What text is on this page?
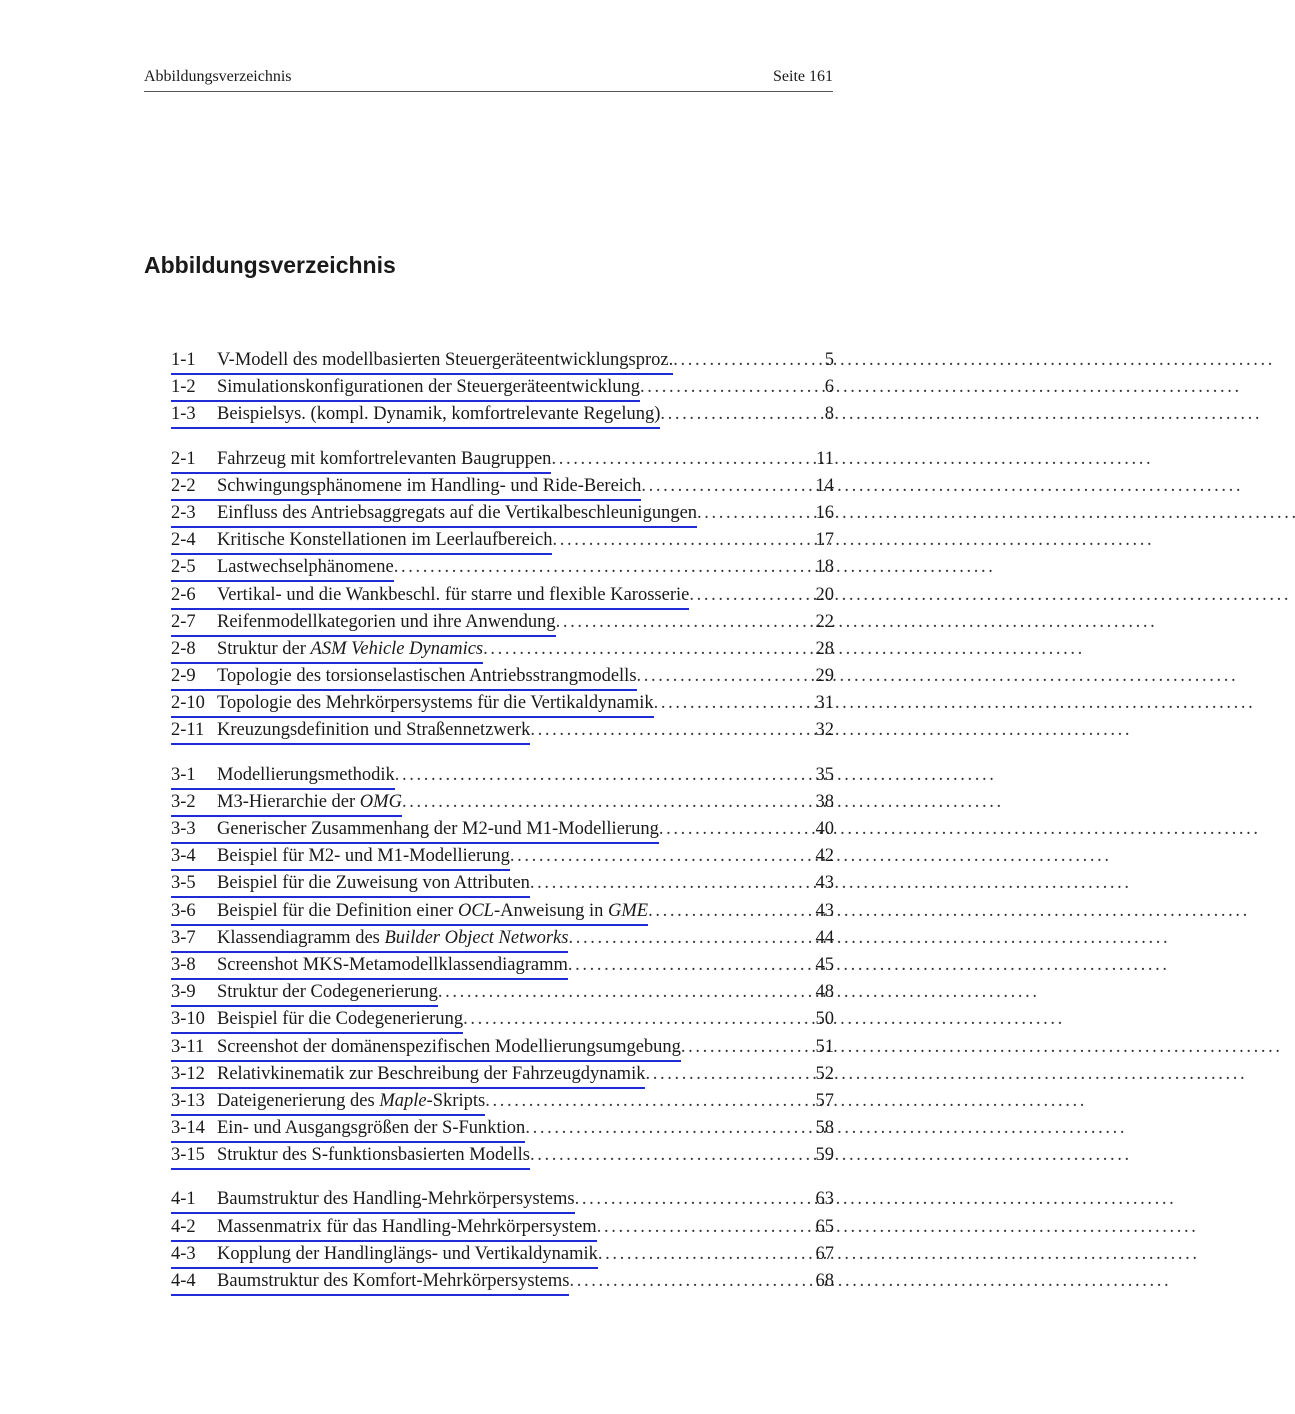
Abbildungsverzeichnis	Seite 161
Abbildungsverzeichnis
1-1 V-Modell des modellbasierten Steuergeräteentwicklungsproz. . . .	5
1-2 Simulationskonfigurationen der Steuergeräteentwicklung . . .	6
1-3 Beispielsys. (kompl. Dynamik, komfortrelevante Regelung) . . .	8
2-1 Fahrzeug mit komfortrelevanten Baugruppen . . .	11
2-2 Schwingungsphänomene im Handling- und Ride-Bereich . . .	14
2-3 Einfluss des Antriebsaggregats auf die Vertikalbeschleunigungen . . .	16
2-4 Kritische Konstellationen im Leerlaufbereich . . .	17
2-5 Lastwechselphänomene . . .	18
2-6 Vertikal- und die Wankbeschl. für starre und flexible Karosserie . . .	20
2-7 Reifenmodellkategorien und ihre Anwendung . . .	22
2-8 Struktur der ASM Vehicle Dynamics . . .	28
2-9 Topologie des torsionselastischen Antriebsstrangmodells . . .	29
2-10 Topologie des Mehrkörpersystems für die Vertikaldynamik . . .	31
2-11 Kreuzungsdefinition und Straßennetzwerk . . .	32
3-1 Modellierungsmethodik . . .	35
3-2 M3-Hierarchie der OMG . . .	38
3-3 Generischer Zusammenhang der M2-und M1-Modellierung . . .	40
3-4 Beispiel für M2- und M1-Modellierung . . .	42
3-5 Beispiel für die Zuweisung von Attributen . . .	43
3-6 Beispiel für die Definition einer OCL-Anweisung in GME . . .	43
3-7 Klassendiagramm des Builder Object Networks . . .	44
3-8 Screenshot MKS-Metamodellklassendiagramm . . .	45
3-9 Struktur der Codegenerierung . . .	48
3-10 Beispiel für die Codegenerierung . . .	50
3-11 Screenshot der domänenspezifischen Modellierungsumgebung . . .	51
3-12 Relativkinematik zur Beschreibung der Fahrzeugdynamik . . .	52
3-13 Dateigenerierung des Maple-Skripts . . .	57
3-14 Ein- und Ausgangsgrößen der S-Funktion . . .	58
3-15 Struktur des S-funktionsbasierten Modells . . .	59
4-1 Baumstruktur des Handling-Mehrkörpersystems . . .	63
4-2 Massenmatrix für das Handling-Mehrkörpersystem . . .	65
4-3 Kopplung der Handlinglängs- und Vertikaldynamik . . .	67
4-4 Baumstruktur des Komfort-Mehrkörpersystems . . .	68
